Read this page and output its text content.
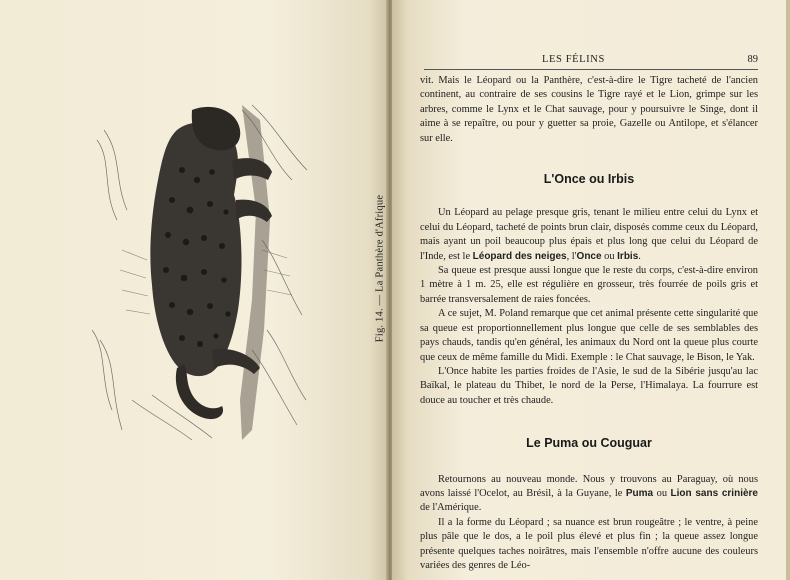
Fig. 14. — La Panthère d'Afrique
LES FÉLINS	89

vit. Mais le Léopard ou la Panthère, c'est-à-dire le Tigre tacheté de l'ancien continent, au contraire de ses cousins le Tigre rayé et le Lion, grimpe sur les arbres, comme le Lynx et le Chat sauvage, pour y poursuivre le Singe, dont il aime à se repaître, ou pour y guetter sa proie, Gazelle ou Antilope, et s'élancer sur elle.

L'Once ou Irbis

Un Léopard au pelage presque gris, tenant le milieu entre celui du Lynx et celui du Léopard, tacheté de points brun clair, disposés comme ceux du Léopard, mais ayant un poil beaucoup plus épais et plus long que celui du Léopard de l'Inde, est le Léopard des neiges, l'Once ou Irbis.

Sa queue est presque aussi longue que le reste du corps, c'est-à-dire environ 1 mètre à 1 m. 25, elle est régulière en grosseur, très fourrée de poils gris et barrée transversalement de raies foncées.

A ce sujet, M. Poland remarque que cet animal présente cette singularité que sa queue est proportionnellement plus longue que celle de ses semblables des pays chauds, tandis qu'en général, les animaux du Nord ont la queue plus courte que ceux de même famille du Midi. Exemple : le Chat sauvage, le Bison, le Yak.

L'Once habite les parties froides de l'Asie, le sud de la Sibérie jusqu'au lac Baïkal, le plateau du Thibet, le nord de la Perse, l'Himalaya. La fourrure est douce au toucher et très chaude.

Le Puma ou Couguar

Retournons au nouveau monde. Nous y trouvons au Paraguay, où nous avons laissé l'Ocelot, au Brésil, à la Guyane, le Puma ou Lion sans crinière de l'Amérique.

Il a la forme du Léopard ; sa nuance est brun rougeâtre ; le ventre, à peine plus pâle que le dos, a le poil plus élevé et plus fin ; la queue assez longue présente quelques taches noirâtres, mais l'ensemble n'offre aucune des couleurs variées des genres de Léo-
